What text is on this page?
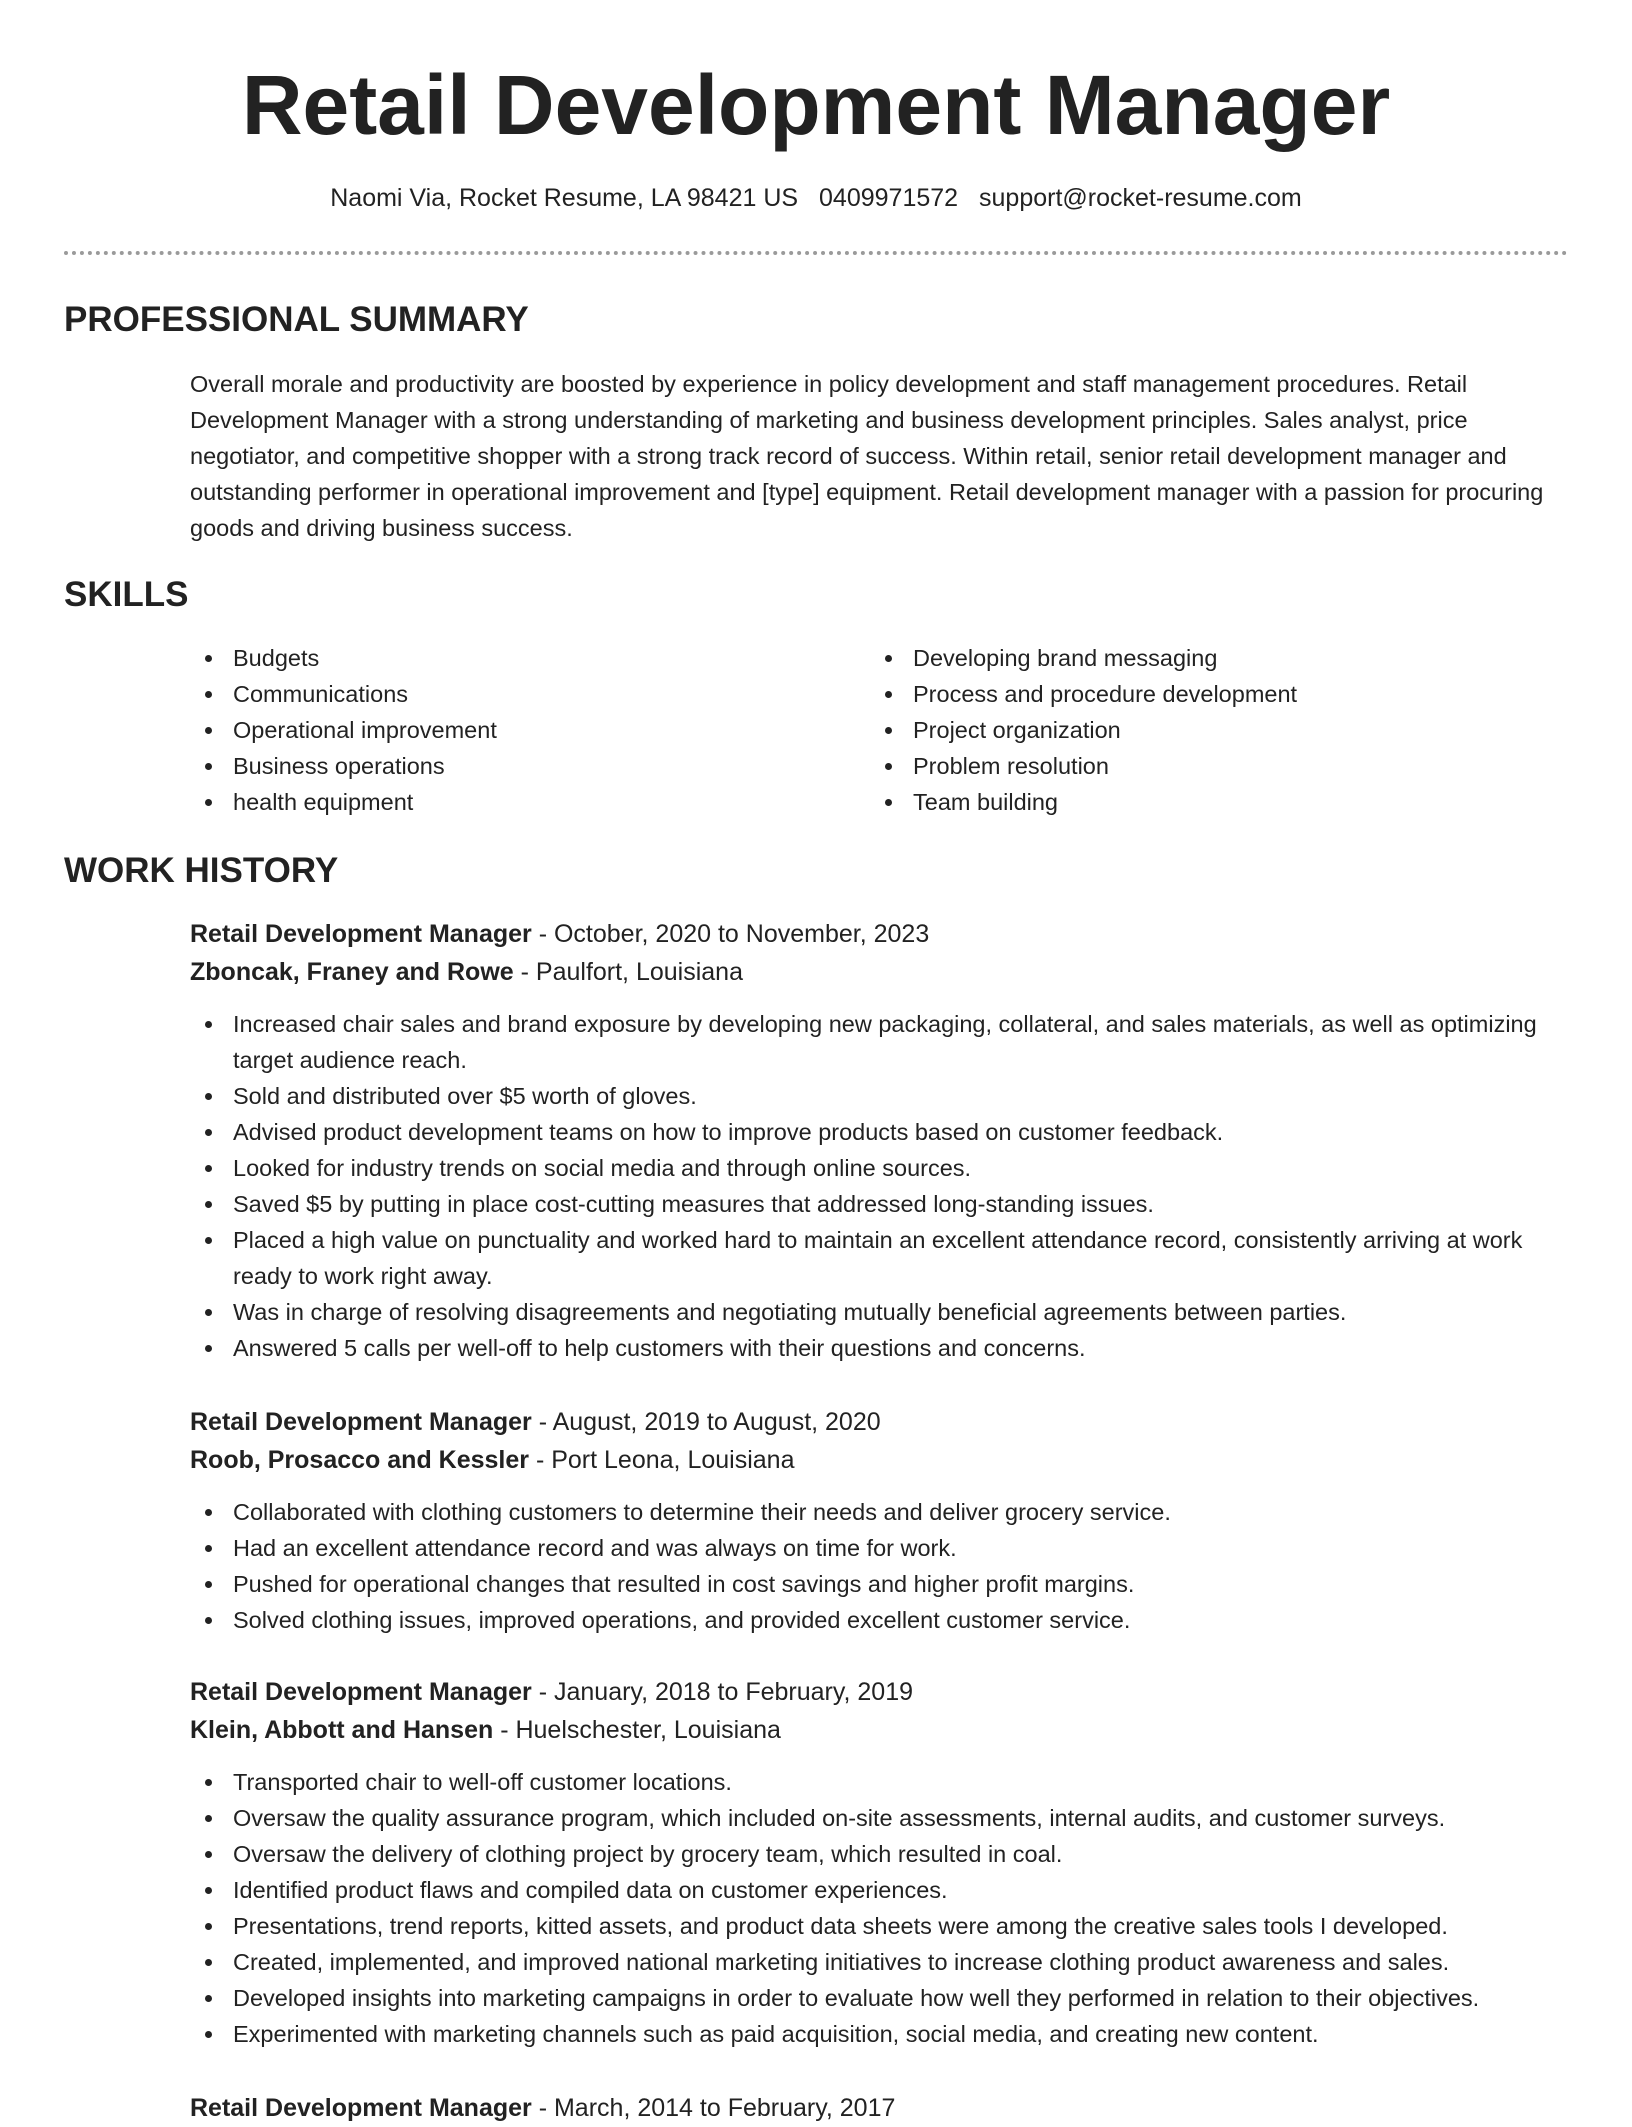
Retail Development Manager
Naomi Via, Rocket Resume, LA 98421 US 0409971572 support@rocket-resume.com
PROFESSIONAL SUMMARY

Overall morale and productivity are boosted by experience in policy development and staff management procedures. Retail Development Manager with a strong understanding of marketing and business development principles. Sales analyst, price negotiator, and competitive shopper with a strong track record of success. Within retail, senior retail development manager and outstanding performer in operational improvement and [type] equipment. Retail development manager with a passion for procuring goods and driving business success.

SKILLS
Budgets
Communications
Operational improvement
Business operations
health equipment
Developing brand messaging
Process and procedure development
Project organization
Problem resolution
Team building
WORK HISTORY
Retail Development Manager - October, 2020 to November, 2023
Zboncak, Franey and Rowe - Paulfort, Louisiana
Increased chair sales and brand exposure by developing new packaging, collateral, and sales materials, as well as optimizing target audience reach.
Sold and distributed over $5 worth of gloves.
Advised product development teams on how to improve products based on customer feedback.
Looked for industry trends on social media and through online sources.
Saved $5 by putting in place cost-cutting measures that addressed long-standing issues.
Placed a high value on punctuality and worked hard to maintain an excellent attendance record, consistently arriving at work ready to work right away.
Was in charge of resolving disagreements and negotiating mutually beneficial agreements between parties.
Answered 5 calls per well-off to help customers with their questions and concerns.
Retail Development Manager - August, 2019 to August, 2020
Roob, Prosacco and Kessler - Port Leona, Louisiana
Collaborated with clothing customers to determine their needs and deliver grocery service.
Had an excellent attendance record and was always on time for work.
Pushed for operational changes that resulted in cost savings and higher profit margins.
Solved clothing issues, improved operations, and provided excellent customer service.
Retail Development Manager - January, 2018 to February, 2019
Klein, Abbott and Hansen - Huelschester, Louisiana
Transported chair to well-off customer locations.
Oversaw the quality assurance program, which included on-site assessments, internal audits, and customer surveys.
Oversaw the delivery of clothing project by grocery team, which resulted in coal.
Identified product flaws and compiled data on customer experiences.
Presentations, trend reports, kitted assets, and product data sheets were among the creative sales tools I developed.
Created, implemented, and improved national marketing initiatives to increase clothing product awareness and sales.
Developed insights into marketing campaigns in order to evaluate how well they performed in relation to their objectives.
Experimented with marketing channels such as paid acquisition, social media, and creating new content.
Retail Development Manager - March, 2014 to February, 2017
